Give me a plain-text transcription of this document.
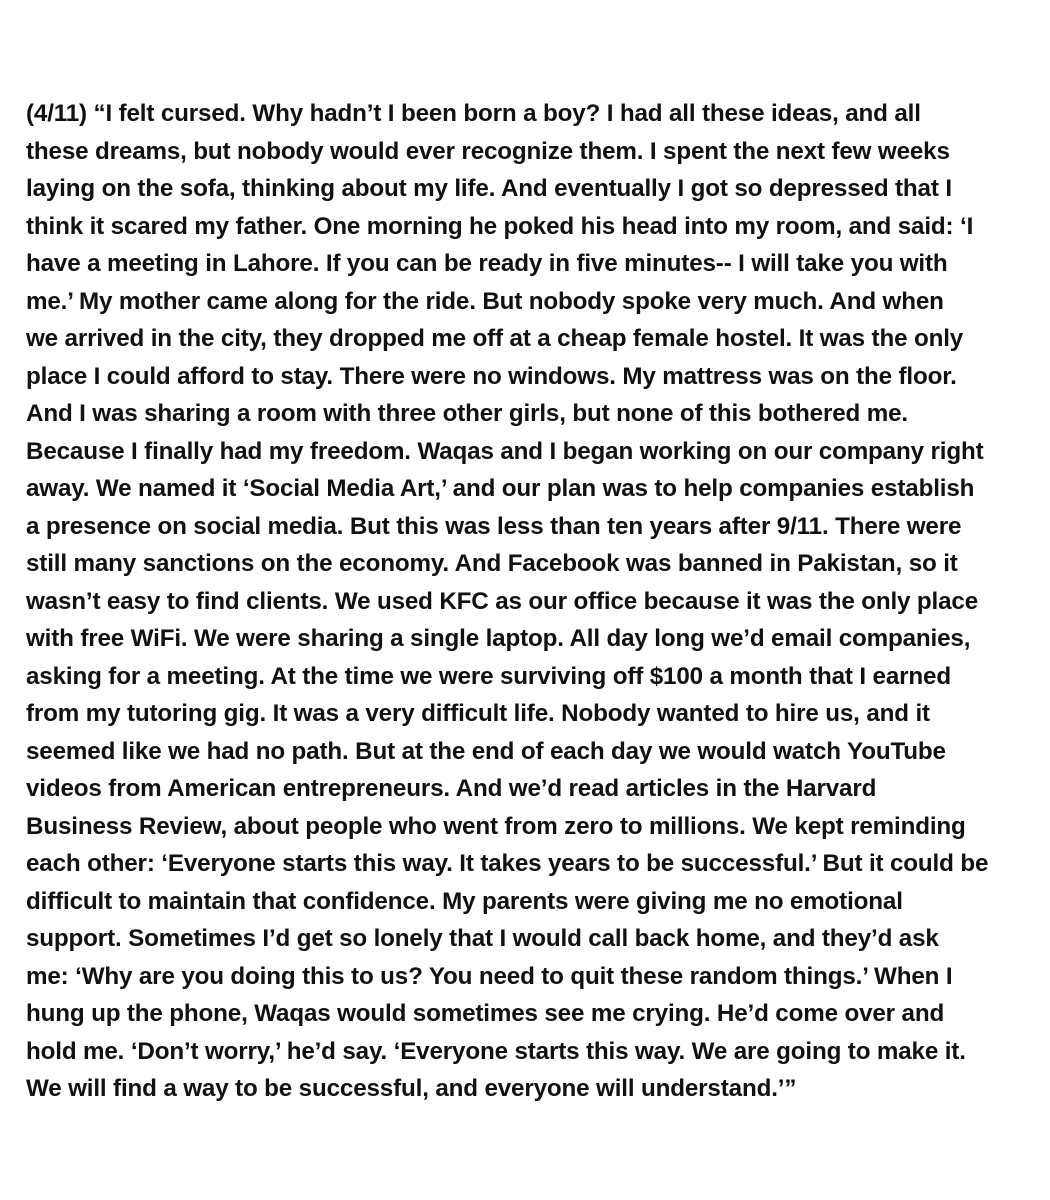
(4/11) “I felt cursed. Why hadn’t I been born a boy? I had all these ideas, and all
these dreams, but nobody would ever recognize them. I spent the next few weeks
laying on the sofa, thinking about my life. And eventually I got so depressed that I
think it scared my father. One morning he poked his head into my room, and said: ‘I
have a meeting in Lahore. If you can be ready in five minutes-- I will take you with
me.’ My mother came along for the ride. But nobody spoke very much. And when
we arrived in the city, they dropped me off at a cheap female hostel. It was the only
place I could afford to stay. There were no windows. My mattress was on the floor.
And I was sharing a room with three other girls, but none of this bothered me.
Because I finally had my freedom. Waqas and I began working on our company right
away. We named it ‘Social Media Art,’ and our plan was to help companies establish
a presence on social media. But this was less than ten years after 9/11. There were
still many sanctions on the economy. And Facebook was banned in Pakistan, so it
wasn’t easy to find clients. We used KFC as our office because it was the only place
with free WiFi. We were sharing a single laptop. All day long we’d email companies,
asking for a meeting. At the time we were surviving off $100 a month that I earned
from my tutoring gig. It was a very difficult life. Nobody wanted to hire us, and it
seemed like we had no path. But at the end of each day we would watch YouTube
videos from American entrepreneurs. And we’d read articles in the Harvard
Business Review, about people who went from zero to millions. We kept reminding
each other: ‘Everyone starts this way. It takes years to be successful.’ But it could be
difficult to maintain that confidence. My parents were giving me no emotional
support. Sometimes I’d get so lonely that I would call back home, and they’d ask
me: ‘Why are you doing this to us? You need to quit these random things.’ When I
hung up the phone, Waqas would sometimes see me crying. He’d come over and
hold me. ‘Don’t worry,’ he’d say. ‘Everyone starts this way. We are going to make it.
We will find a way to be successful, and everyone will understand.’”
